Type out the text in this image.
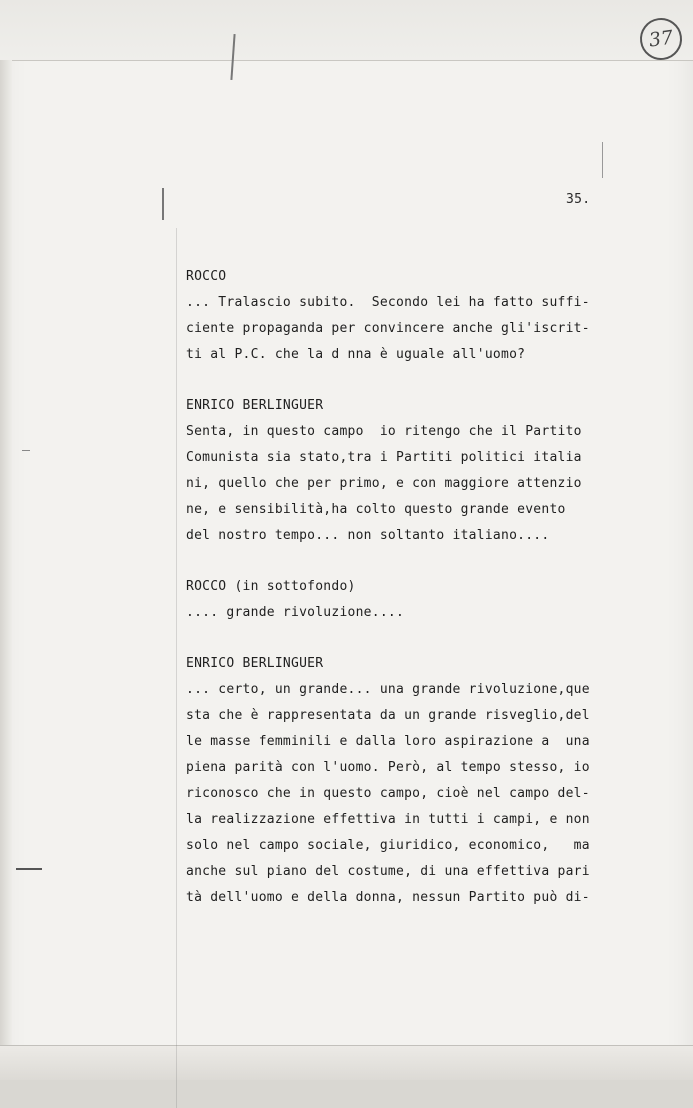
37
35.

ROCCO

... Tralascio subito.  Secondo lei ha fatto suffi-

ciente propaganda per convincere anche gli'iscrit-

ti al P.C. che la d nna è uguale all'uomo?

ENRICO BERLINGUER

Senta, in questo campo  io ritengo che il Partito

Comunista sia stato,tra i Partiti politici italia

ni, quello che per primo, e con maggiore attenzio

ne, e sensibilità,ha colto questo grande evento

del nostro tempo... non soltanto italiano....

ROCCO (in sottofondo)

.... grande rivoluzione....

ENRICO BERLINGUER

... certo, un grande... una grande rivoluzione,que

sta che è rappresentata da un grande risveglio,del

le masse femminili e dalla loro aspirazione a  una

piena parità con l'uomo. Però, al tempo stesso, io

riconosco che in questo campo, cioè nel campo del-

la realizzazione effettiva in tutti i campi, e non

solo nel campo sociale, giuridico, economico,   ma

anche sul piano del costume, di una effettiva pari

tà dell'uomo e della donna, nessun Partito può di-
